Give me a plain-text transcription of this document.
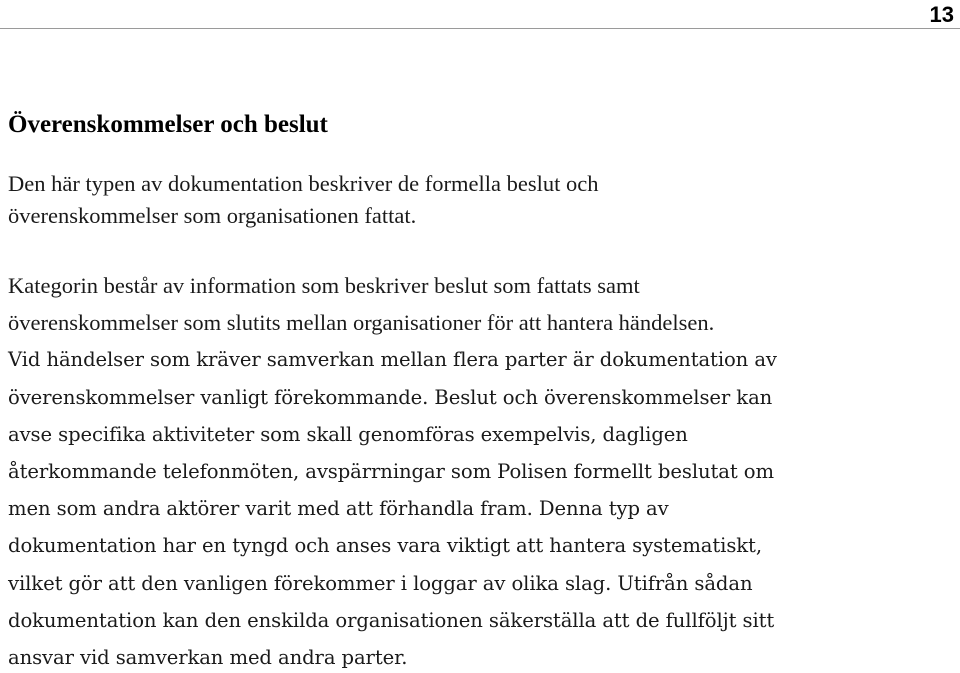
13
Överenskommelser och beslut

Den här typen av dokumentation beskriver de formella beslut och
överenskommelser som organisationen fattat.

Kategorin består av information som beskriver beslut som fattats samt
överenskommelser som slutits mellan organisationer för att hantera händelsen.
Vid händelser som kräver samverkan mellan flera parter är dokumentation av
överenskommelser vanligt förekommande. Beslut och överenskommelser kan
avse specifika aktiviteter som skall genomföras exempelvis, dagligen
återkommande telefonmöten, avspärrningar som Polisen formellt beslutat om
men som andra aktörer varit med att förhandla fram. Denna typ av
dokumentation har en tyngd och anses vara viktigt att hantera systematiskt,
vilket gör att den vanligen förekommer i loggar av olika slag. Utifrån sådan
dokumentation kan den enskilda organisationen säkerställa att de fullföljt sitt
ansvar vid samverkan med andra parter.
